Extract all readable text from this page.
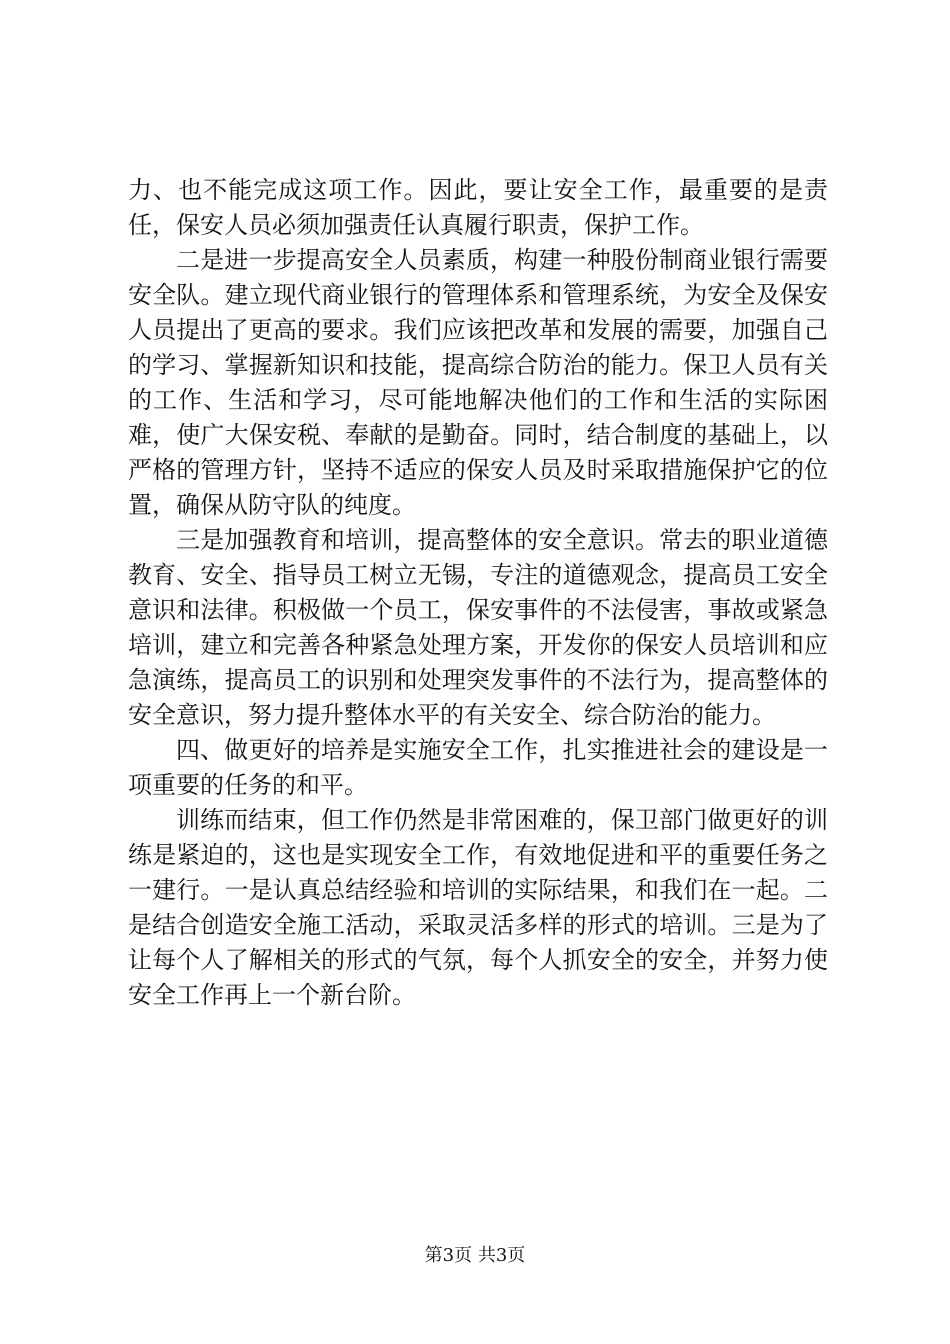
力、也不能完成这项工作。因此，要让安全工作，最重要的是责任，保安人员必须加强责任认真履行职责，保护工作。

二是进一步提高安全人员素质，构建一种股份制商业银行需要安全队。建立现代商业银行的管理体系和管理系统，为安全及保安人员提出了更高的要求。我们应该把改革和发展的需要，加强自己的学习、掌握新知识和技能，提高综合防治的能力。保卫人员有关的工作、生活和学习，尽可能地解决他们的工作和生活的实际困难，使广大保安税、奉献的是勤奋。同时，结合制度的基础上，以严格的管理方针，坚持不适应的保安人员及时采取措施保护它的位置，确保从防守队的纯度。

三是加强教育和培训，提高整体的安全意识。常去的职业道德教育、安全、指导员工树立无锡，专注的道德观念，提高员工安全意识和法律。积极做一个员工，保安事件的不法侵害，事故或紧急培训，建立和完善各种紧急处理方案，开发你的保安人员培训和应急演练，提高员工的识别和处理突发事件的不法行为，提高整体的安全意识，努力提升整体水平的有关安全、综合防治的能力。

四、做更好的培养是实施安全工作，扎实推进社会的建设是一项重要的任务的和平。

训练而结束，但工作仍然是非常困难的，保卫部门做更好的训练是紧迫的，这也是实现安全工作，有效地促进和平的重要任务之一建行。一是认真总结经验和培训的实际结果，和我们在一起。二是结合创造安全施工活动，采取灵活多样的形式的培训。三是为了让每个人了解相关的形式的气氛，每个人抓安全的安全，并努力使安全工作再上一个新台阶。

第3页 共3页
